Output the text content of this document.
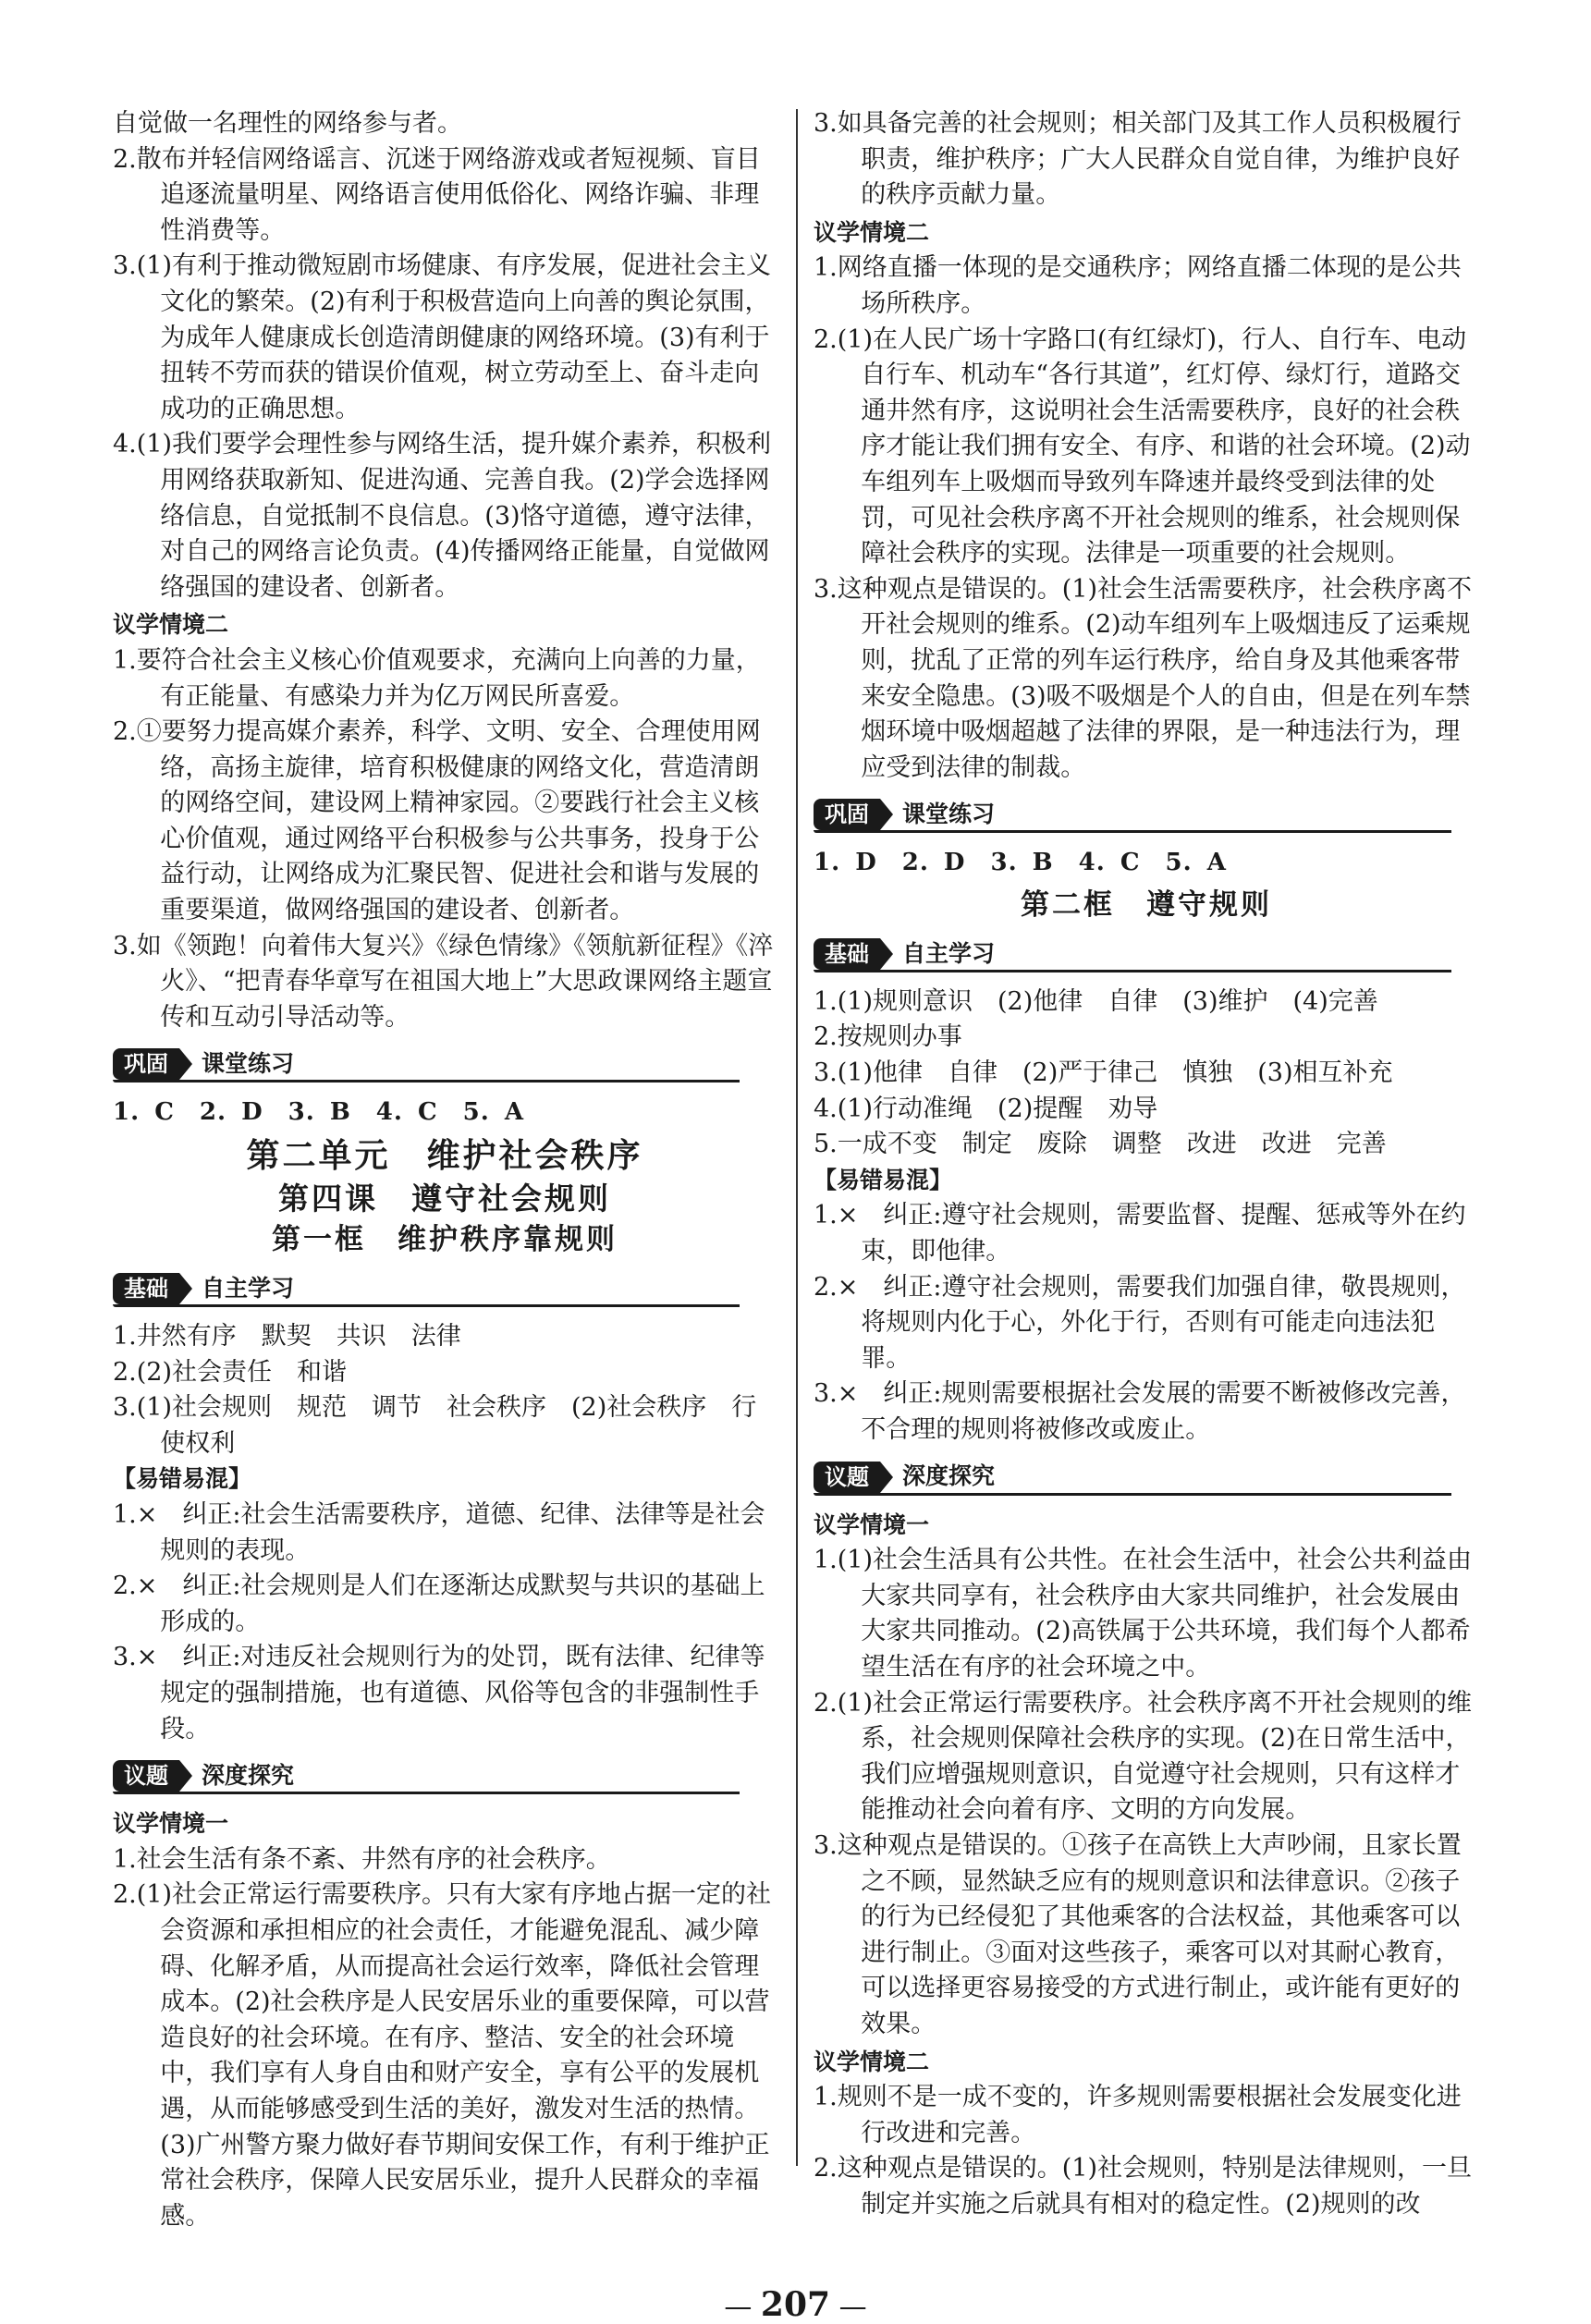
自觉做一名理性的网络参与者。
2.散布并轻信网络谣言、沉迷于网络游戏或者短视频、盲目追逐流量明星、网络语言使用低俗化、网络诈骗、非理性消费等。
3.(1)有利于推动微短剧市场健康、有序发展，促进社会主义文化的繁荣。(2)有利于积极营造向上向善的舆论氛围，为成年人健康成长创造清朗健康的网络环境。(3)有利于扭转不劳而获的错误价值观，树立劳动至上、奋斗走向成功的正确思想。
4.(1)我们要学会理性参与网络生活，提升媒介素养，积极利用网络获取新知、促进沟通、完善自我。(2)学会选择网络信息，自觉抵制不良信息。(3)恪守道德，遵守法律，对自己的网络言论负责。(4)传播网络正能量，自觉做网络强国的建设者、创新者。
议学情境二
1.要符合社会主义核心价值观要求，充满向上向善的力量，有正能量、有感染力并为亿万网民所喜爱。
2.①要努力提高媒介素养，科学、文明、安全、合理使用网络，高扬主旋律，培育积极健康的网络文化，营造清朗的网络空间，建设网上精神家园。②要践行社会主义核心价值观，通过网络平台积极参与公共事务，投身于公益行动，让网络成为汇聚民智、促进社会和谐与发展的重要渠道，做网络强国的建设者、创新者。
3.如《领跑！向着伟大复兴》《绿色情缘》《领航新征程》《淬火》、“把青春华章写在祖国大地上”大思政课网络主题宣传和互动引导活动等。
巩固	课堂练习
1. C　2. D　3. B　4. C　5. A
第二单元　维护社会秩序
第四课　遵守社会规则
第一框　维护秩序靠规则
基础	自主学习
1.井然有序　默契　共识　法律
2.(2)社会责任　和谐
3.(1)社会规则　规范　调节　社会秩序　(2)社会秩序　行使权利
【易错易混】
1.×　纠正:社会生活需要秩序，道德、纪律、法律等是社会规则的表现。
2.×　纠正:社会规则是人们在逐渐达成默契与共识的基础上形成的。
3.×　纠正:对违反社会规则行为的处罚，既有法律、纪律等规定的强制措施，也有道德、风俗等包含的非强制性手段。
议题	深度探究
议学情境一
1.社会生活有条不紊、井然有序的社会秩序。
2.(1)社会正常运行需要秩序。只有大家有序地占据一定的社会资源和承担相应的社会责任，才能避免混乱、减少障碍、化解矛盾，从而提高社会运行效率，降低社会管理成本。(2)社会秩序是人民安居乐业的重要保障，可以营造良好的社会环境。在有序、整洁、安全的社会环境中，我们享有人身自由和财产安全，享有公平的发展机遇，从而能够感受到生活的美好，激发对生活的热情。(3)广州警方聚力做好春节期间安保工作，有利于维护正常社会秩序，保障人民安居乐业，提升人民群众的幸福感。
3.如具备完善的社会规则；相关部门及其工作人员积极履行职责，维护秩序；广大人民群众自觉自律，为维护良好的秩序贡献力量。
议学情境二
1.网络直播一体现的是交通秩序；网络直播二体现的是公共场所秩序。
2.(1)在人民广场十字路口(有红绿灯)，行人、自行车、电动自行车、机动车“各行其道”，红灯停、绿灯行，道路交通井然有序，这说明社会生活需要秩序，良好的社会秩序才能让我们拥有安全、有序、和谐的社会环境。(2)动车组列车上吸烟而导致列车降速并最终受到法律的处罚，可见社会秩序离不开社会规则的维系，社会规则保障社会秩序的实现。法律是一项重要的社会规则。
3.这种观点是错误的。(1)社会生活需要秩序，社会秩序离不开社会规则的维系。(2)动车组列车上吸烟违反了运乘规则，扰乱了正常的列车运行秩序，给自身及其他乘客带来安全隐患。(3)吸不吸烟是个人的自由，但是在列车禁烟环境中吸烟超越了法律的界限，是一种违法行为，理应受到法律的制裁。
巩固	课堂练习
1. D　2. D　3. B　4. C　5. A
第二框　遵守规则
基础	自主学习
1.(1)规则意识　(2)他律　自律　(3)维护　(4)完善
2.按规则办事
3.(1)他律　自律　(2)严于律己　慎独　(3)相互补充
4.(1)行动准绳　(2)提醒　劝导
5.一成不变　制定　废除　调整　改进　改进　完善
【易错易混】
1.×　纠正:遵守社会规则，需要监督、提醒、惩戒等外在约束，即他律。
2.×　纠正:遵守社会规则，需要我们加强自律，敬畏规则，将规则内化于心，外化于行，否则有可能走向违法犯罪。
3.×　纠正:规则需要根据社会发展的需要不断被修改完善，不合理的规则将被修改或废止。
议题	深度探究
议学情境一
1.(1)社会生活具有公共性。在社会生活中，社会公共利益由大家共同享有，社会秩序由大家共同维护，社会发展由大家共同推动。(2)高铁属于公共环境，我们每个人都希望生活在有序的社会环境之中。
2.(1)社会正常运行需要秩序。社会秩序离不开社会规则的维系，社会规则保障社会秩序的实现。(2)在日常生活中，我们应增强规则意识，自觉遵守社会规则，只有这样才能推动社会向着有序、文明的方向发展。
3.这种观点是错误的。①孩子在高铁上大声吵闹，且家长置之不顾，显然缺乏应有的规则意识和法律意识。②孩子的行为已经侵犯了其他乘客的合法权益，其他乘客可以进行制止。③面对这些孩子，乘客可以对其耐心教育，可以选择更容易接受的方式进行制止，或许能有更好的效果。
议学情境二
1.规则不是一成不变的，许多规则需要根据社会发展变化进行改进和完善。
2.这种观点是错误的。(1)社会规则，特别是法律规则，一旦制定并实施之后就具有相对的稳定性。(2)规则的改
— 207 —
